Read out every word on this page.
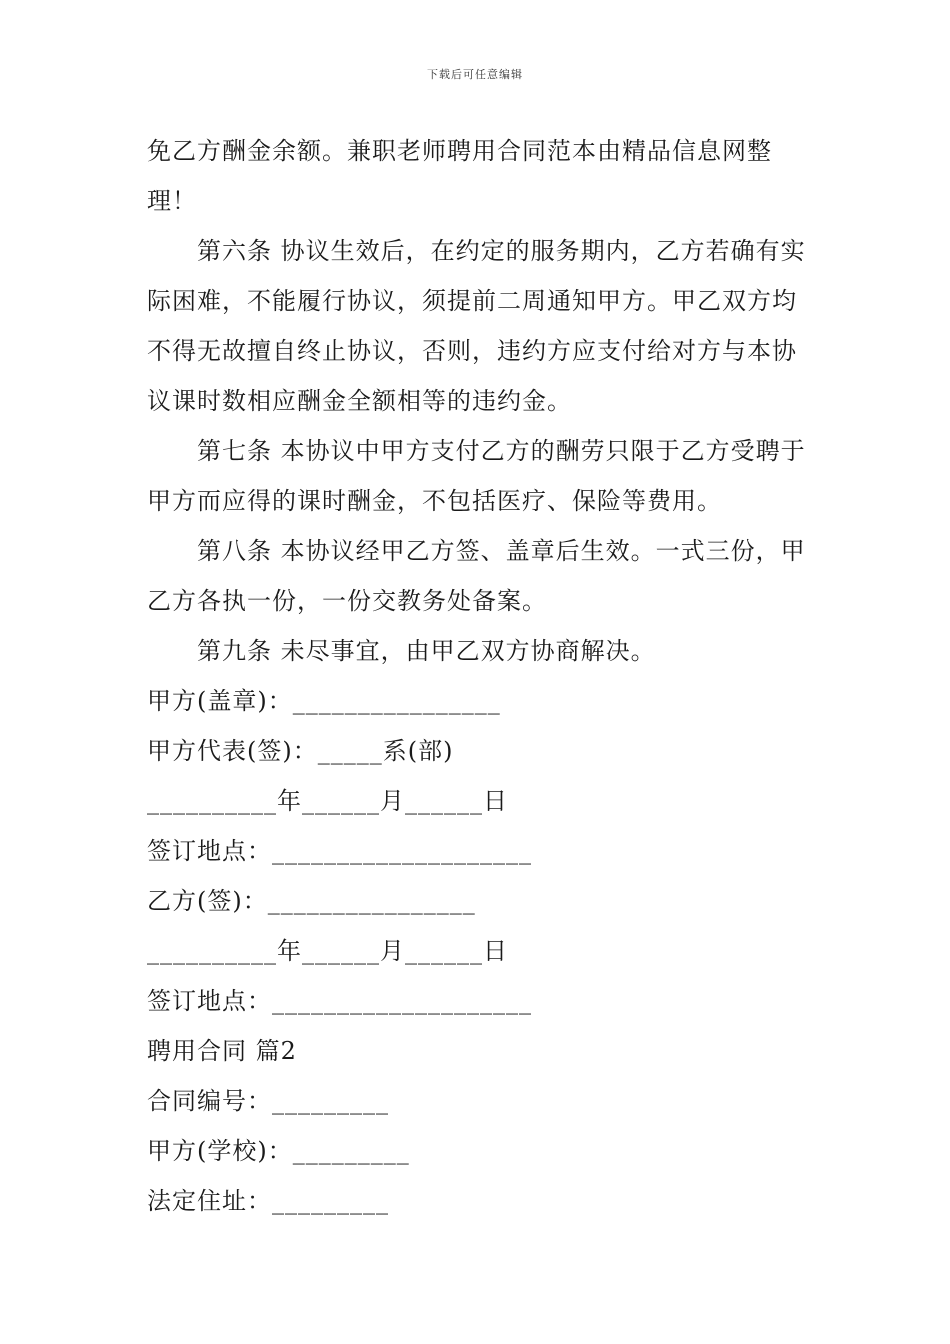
下载后可任意编辑

免乙方酬金余额。兼职老师聘用合同范本由精品信息网整理！

第六条 协议生效后，在约定的服务期内，乙方若确有实际困难，不能履行协议，须提前二周通知甲方。甲乙双方均不得无故擅自终止协议，否则，违约方应支付给对方与本协议课时数相应酬金全额相等的违约金。

第七条 本协议中甲方支付乙方的酬劳只限于乙方受聘于甲方而应得的课时酬金，不包括医疗、保险等费用。

第八条 本协议经甲乙方签、盖章后生效。一式三份，甲乙方各执一份，一份交教务处备案。

第九条 未尽事宜，由甲乙双方协商解决。

甲方(盖章)：________________

甲方代表(签)：_____系(部)

__________年______月______日

签订地点：____________________

乙方(签)：________________

__________年______月______日

签订地点：____________________

聘用合同 篇2

合同编号：_________

甲方(学校)：_________

法定住址：_________
